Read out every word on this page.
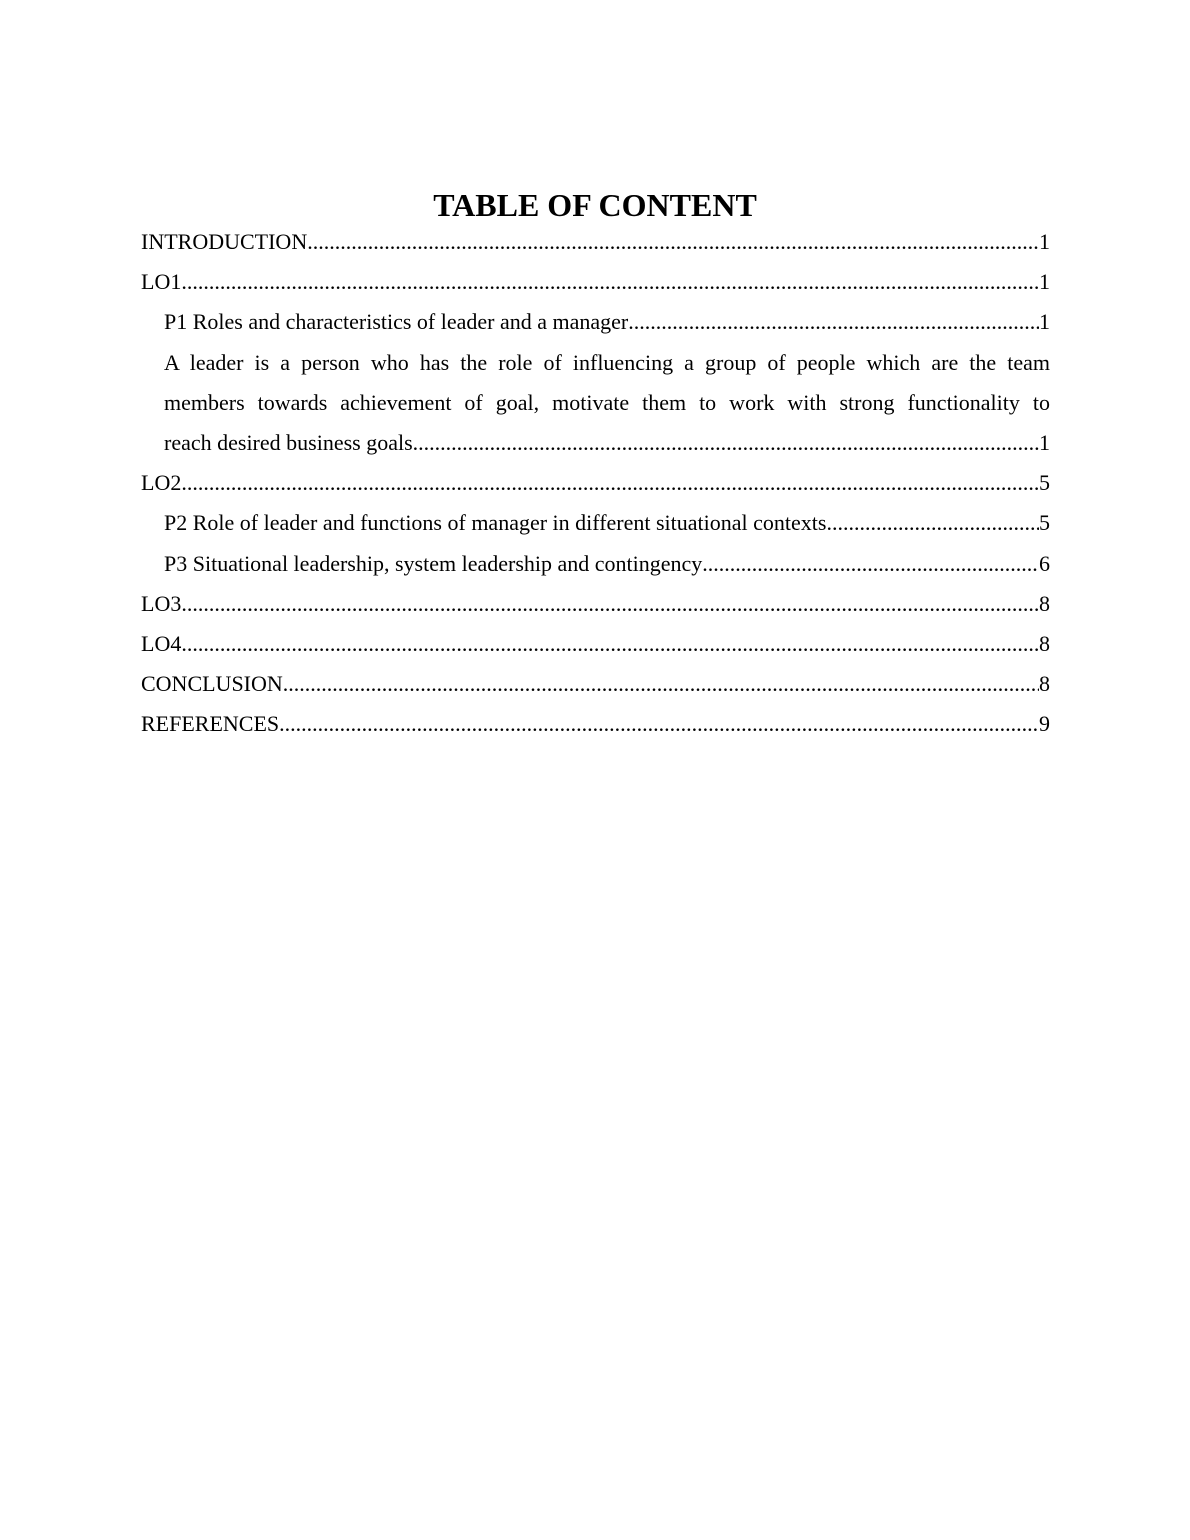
TABLE OF CONTENT
INTRODUCTION .....	1
LO1 .....	1
P1 Roles and characteristics of leader and a manager .....	1
A leader is a person who has the role of influencing a group of people which are the team
members towards achievement of goal, motivate them to work with strong functionality to
reach desired business goals .....	1
LO2 .....	5
P2 Role of leader and functions of manager in different situational contexts .....	5
P3 Situational leadership, system leadership and contingency .....	6
LO3 .....	8
LO4 .....	8
CONCLUSION .....	8
REFERENCES .....	9
